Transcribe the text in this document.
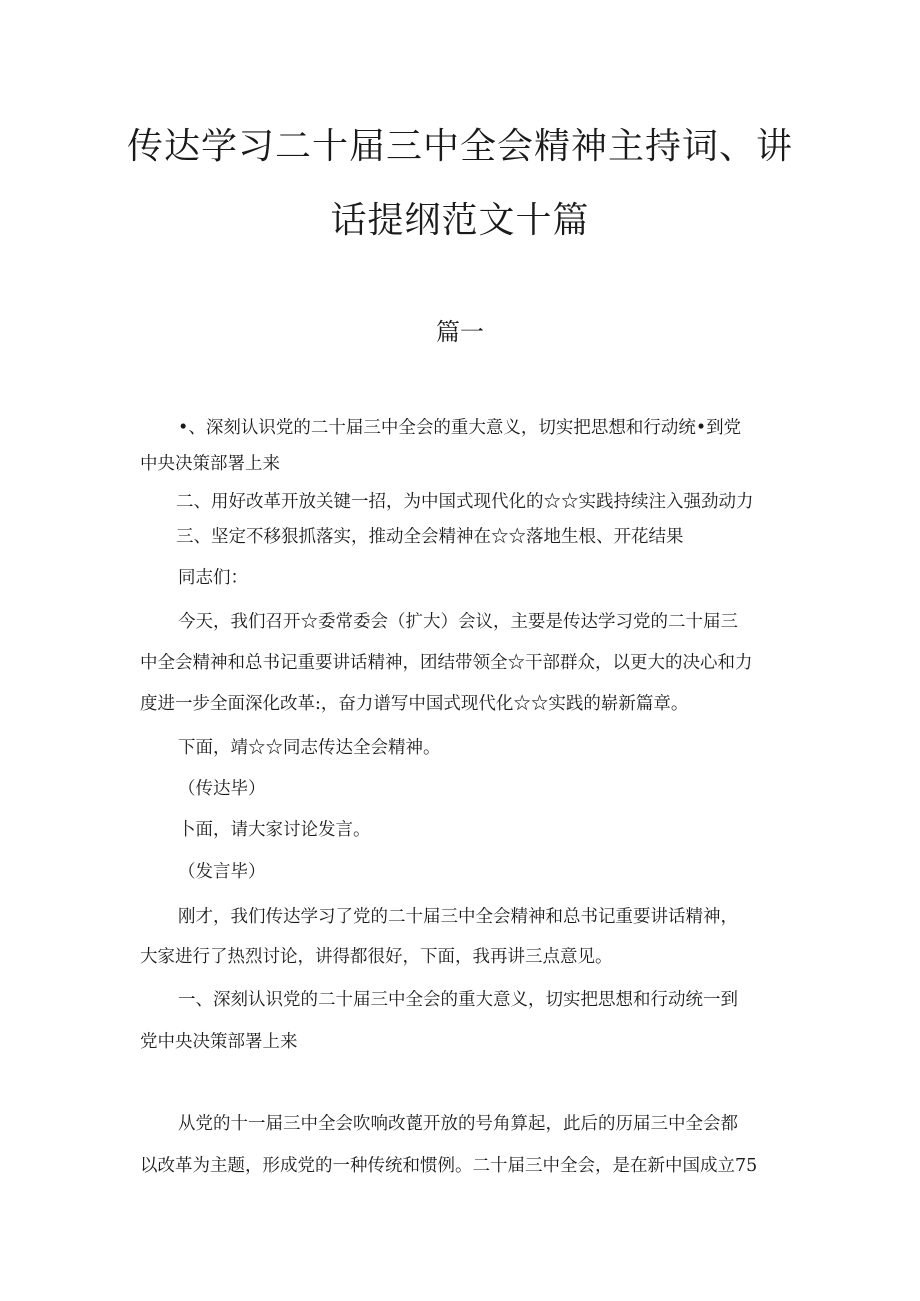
传达学习二十届三中全会精神主持词、讲
话提纲范文十篇
篇一

•、深刻认识党的二十届三中全会的重大意义，切实把思想和行动统•到党

中央决策部署上来

二、用好改革开放关键一招，为中国式现代化的☆☆实践持续注入强劲动力

三、坚定不移狠抓落实，推动全会精神在☆☆落地生根、开花结果

同志们：

今天，我们召开☆委常委会（扩大）会议，主要是传达学习党的二十届三

中全会精神和总书记重要讲话精神，团结带领全☆干部群众，以更大的决心和力

度进一步全面深化改革:，奋力谱写中国式现代化☆☆实践的崭新篇章。

下面，靖☆☆同志传达全会精神。

（传达毕）

卜面，请大家讨论发言。

（发言毕）

刚才，我们传达学习了党的二十届三中全会精神和总书记重要讲话精神，

大家进行了热烈讨论，讲得都很好，下面，我再讲三点意见。

一、深刻认识党的二十届三中全会的重大意义，切实把思想和行动统一到

党中央决策部署上来

从党的十一届三中全会吹响改蓖开放的号角算起，此后的历届三中全会都

以改革为主题，形成党的一种传统和惯例。二十届三中全会，是在新中国成立75
